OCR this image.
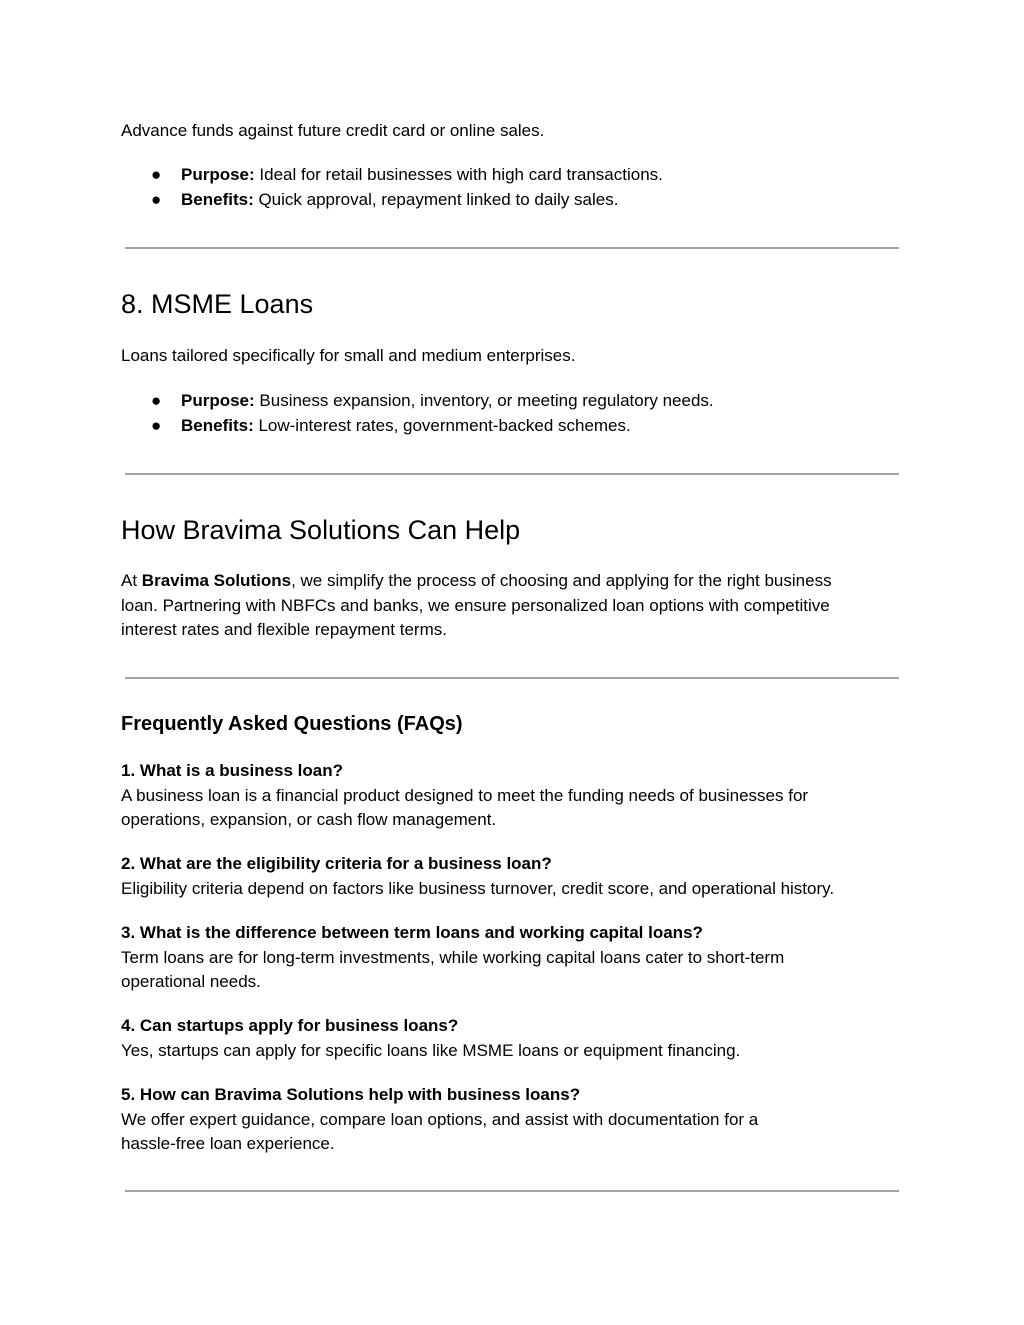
Advance funds against future credit card or online sales.

● Purpose: Ideal for retail businesses with high card transactions.
● Benefits: Quick approval, repayment linked to daily sales.
8. MSME Loans

Loans tailored specifically for small and medium enterprises.

● Purpose: Business expansion, inventory, or meeting regulatory needs.
● Benefits: Low-interest rates, government-backed schemes.
How Bravima Solutions Can Help

At Bravima Solutions, we simplify the process of choosing and applying for the right business

loan. Partnering with NBFCs and banks, we ensure personalized loan options with competitive

interest rates and flexible repayment terms.

Frequently Asked Questions (FAQs)
1. What is a business loan?
A business loan is a financial product designed to meet the funding needs of businesses for
operations, expansion, or cash flow management.
2. What are the eligibility criteria for a business loan?
Eligibility criteria depend on factors like business turnover, credit score, and operational history.
3. What is the difference between term loans and working capital loans?
Term loans are for long-term investments, while working capital loans cater to short-term
operational needs.
4. Can startups apply for business loans?
Yes, startups can apply for specific loans like MSME loans or equipment financing.
5. How can Bravima Solutions help with business loans?
We offer expert guidance, compare loan options, and assist with documentation for a
hassle-free loan experience.
